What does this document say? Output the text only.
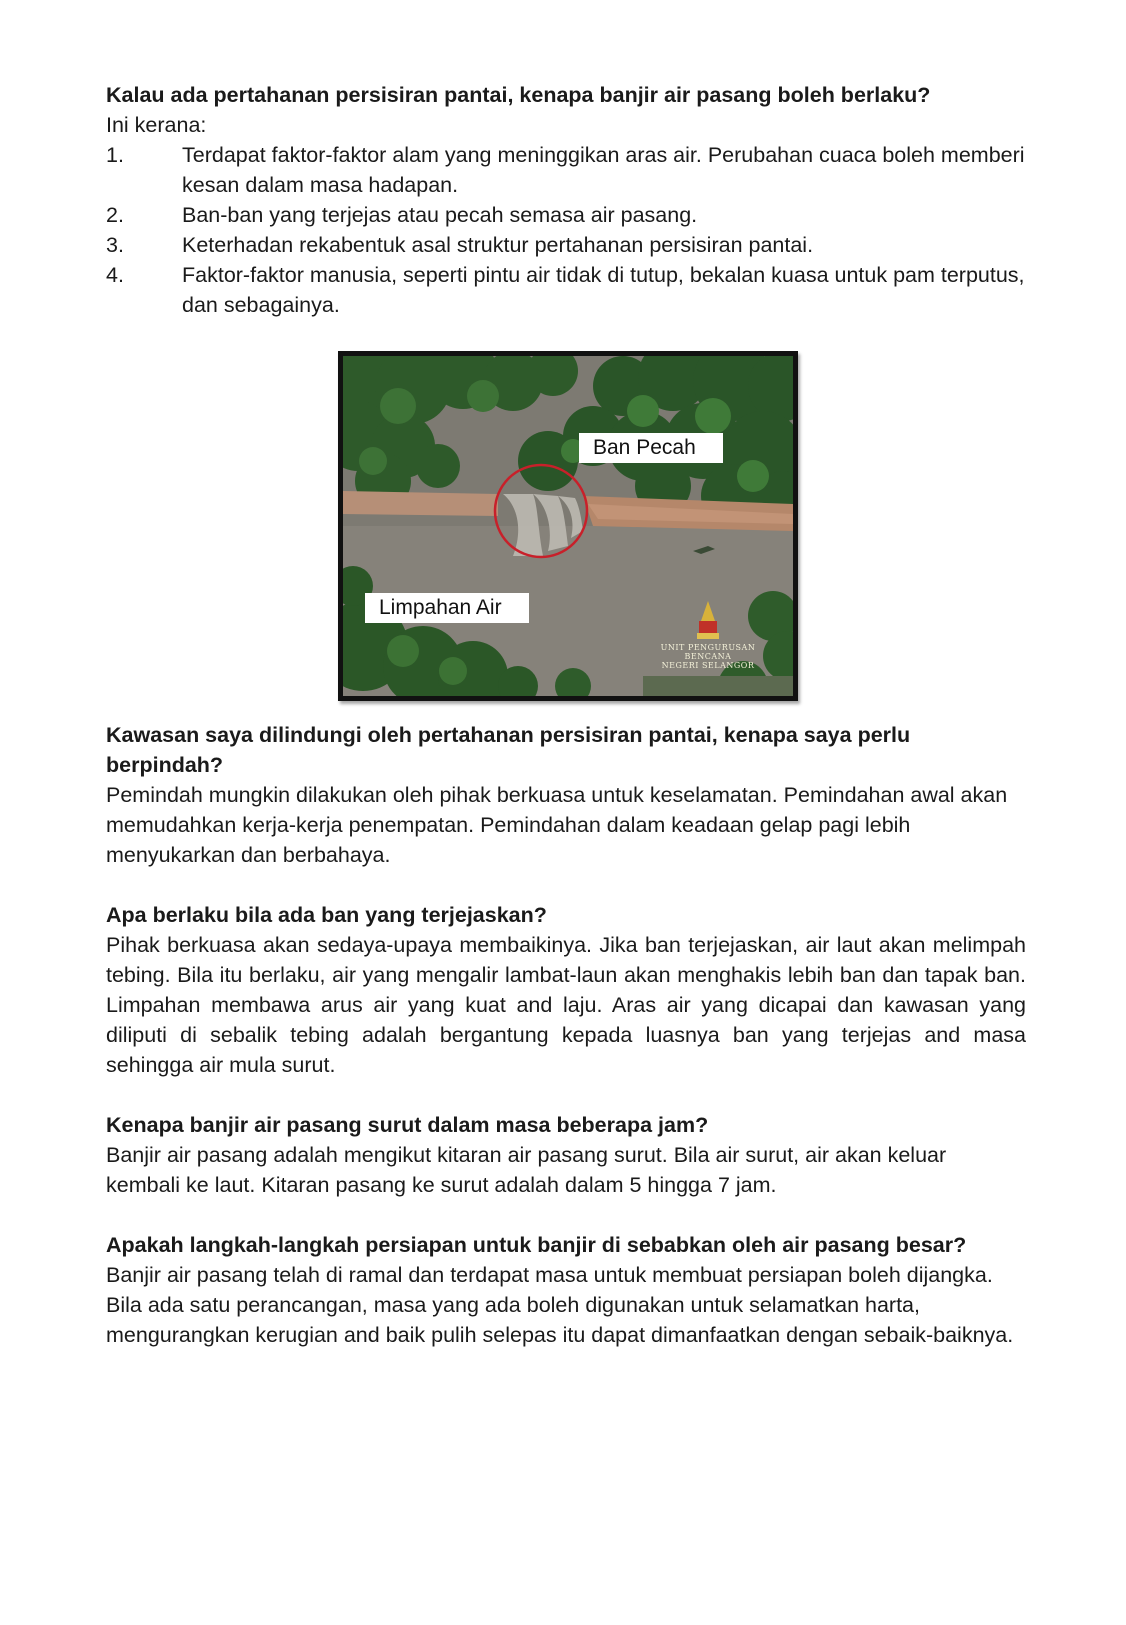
Kalau ada pertahanan persisiran pantai, kenapa banjir air pasang boleh berlaku?

Ini kerana:

1.	Terdapat faktor-faktor alam yang meninggikan aras air. Perubahan cuaca boleh memberi kesan dalam masa hadapan.
2.	Ban-ban yang terjejas atau pecah semasa air pasang.
3.	Keterhadan rekabentuk asal struktur pertahanan persisiran pantai.
4.	Faktor-faktor manusia, seperti pintu air tidak di tutup, bekalan kuasa untuk pam terputus, dan sebagainya.
Ban Pecah
Limpahan Air
UNIT PENGURUSAN BENCANA
NEGERI SELANGOR

Kawasan saya dilindungi oleh pertahanan persisiran pantai, kenapa saya perlu berpindah?

Pemindah mungkin dilakukan oleh pihak berkuasa untuk keselamatan. Pemindahan awal akan memudahkan kerja-kerja penempatan. Pemindahan dalam keadaan gelap pagi lebih menyukarkan dan berbahaya.

Apa berlaku bila ada ban yang terjejaskan?

Pihak berkuasa akan sedaya-upaya membaikinya. Jika ban terjejaskan, air laut akan melimpah tebing. Bila itu berlaku, air yang mengalir lambat-laun akan menghakis lebih ban dan tapak ban. Limpahan membawa arus air yang kuat and laju. Aras air yang dicapai dan kawasan yang diliputi di sebalik tebing adalah bergantung kepada luasnya ban yang terjejas and masa sehingga air mula surut.

Kenapa banjir air pasang surut dalam masa beberapa jam?

Banjir air pasang adalah mengikut kitaran air pasang surut. Bila air surut, air akan keluar kembali ke laut. Kitaran pasang ke surut adalah dalam 5 hingga 7 jam.

Apakah langkah-langkah persiapan untuk banjir di sebabkan oleh air pasang besar?

Banjir air pasang telah di ramal dan terdapat masa untuk membuat persiapan boleh dijangka. Bila ada satu perancangan, masa yang ada boleh digunakan untuk selamatkan harta, mengurangkan kerugian and baik pulih selepas itu dapat dimanfaatkan dengan sebaik-baiknya.
